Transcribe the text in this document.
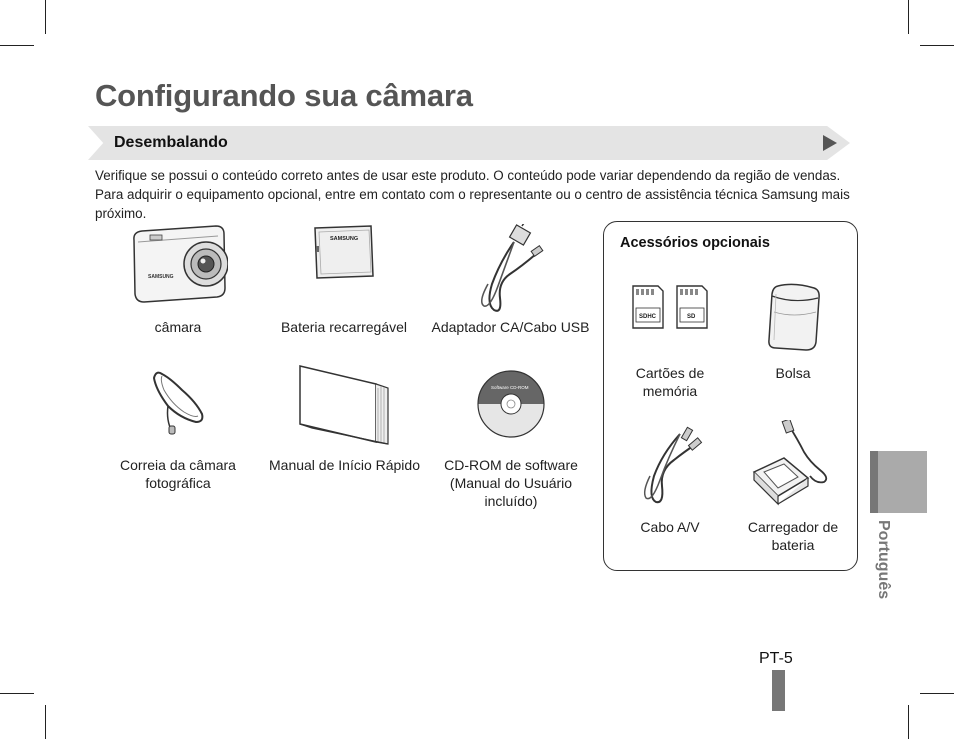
Configurando sua câmara
Desembalando

Verifique se possui o conteúdo correto antes de usar este produto. O conteúdo pode variar dependendo da região de vendas. Para adquirir o equipamento opcional, entre em contato com o representante ou o centro de assistência técnica Samsung mais próximo.

SAMSUNG
câmara
SAMSUNG
Bateria recarregável	Adaptador CA/Cabo USB
Correia da câmara fotográfica
Manual de Início Rápido
Software CD-ROM
CD-ROM de software (Manual do Usuário incluído)
Acessórios opcionais
SDHC	SD
Cartões de memória
Bolsa
Cabo A/V	Carregador de bateria	Português
PT-5
